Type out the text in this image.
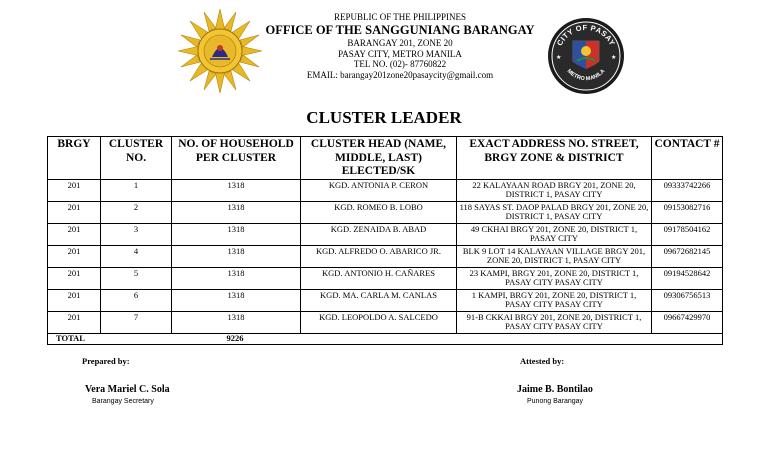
REPUBLIC OF THE PHILIPPINES
OFFICE OF THE SANGGUNIANG BARANGAY
BARANGAY 201, ZONE 20
PASAY CITY, METRO MANILA
TEL NO. (02)- 87760822
EMAIL: barangay201zone20pasaycity@gmail.com
CITY OF PASAY
METRO MANILA
★	★
CLUSTER LEADER
BRGY	CLUSTER NO.	NO. OF HOUSEHOLD PER CLUSTER	CLUSTER HEAD (NAME, MIDDLE, LAST) ELECTED/SK	EXACT ADDRESS NO. STREET, BRGY ZONE & DISTRICT	CONTACT #
201	1	1318	KGD. ANTONIA P. CERON	22 KALAYAAN ROAD BRGY 201, ZONE 20, DISTRICT 1, PASAY CITY	09333742266
201	2	1318	KGD. ROMEO B. LOBO	118 SAYAS ST. DAOP PALAD BRGY 201, ZONE 20, DISTRICT 1, PASAY CITY	09153082716
201	3	1318	KGD. ZENAIDA B. ABAD	49 CKHAI BRGY 201, ZONE 20, DISTRICT 1, PASAY CITY	09178504162
201	4	1318	KGD. ALFREDO O. ABARICO JR.	BLK 9 LOT 14 KALAYAAN VILLAGE BRGY 201, ZONE 20, DISTRICT 1, PASAY CITY	09672682145
201	5	1318	KGD. ANTONIO H. CAÑARES	23 KAMPI, BRGY 201, ZONE 20, DISTRICT 1, PASAY CITY PASAY CITY	09194528642
201	6	1318	KGD. MA. CARLA M. CANLAS	1 KAMPI, BRGY 201, ZONE 20, DISTRICT 1, PASAY CITY PASAY CITY	09306756513
201	7	1318	KGD. LEOPOLDO A. SALCEDO	91-B CKKAI BRGY 201, ZONE 20, DISTRICT 1, PASAY CITY PASAY CITY	09667429970
TOTAL		9226			
Prepared by:
Vera Mariel C. Sola
Barangay Secretary
Attested by:
Jaime B. Bontilao
Punong Barangay
